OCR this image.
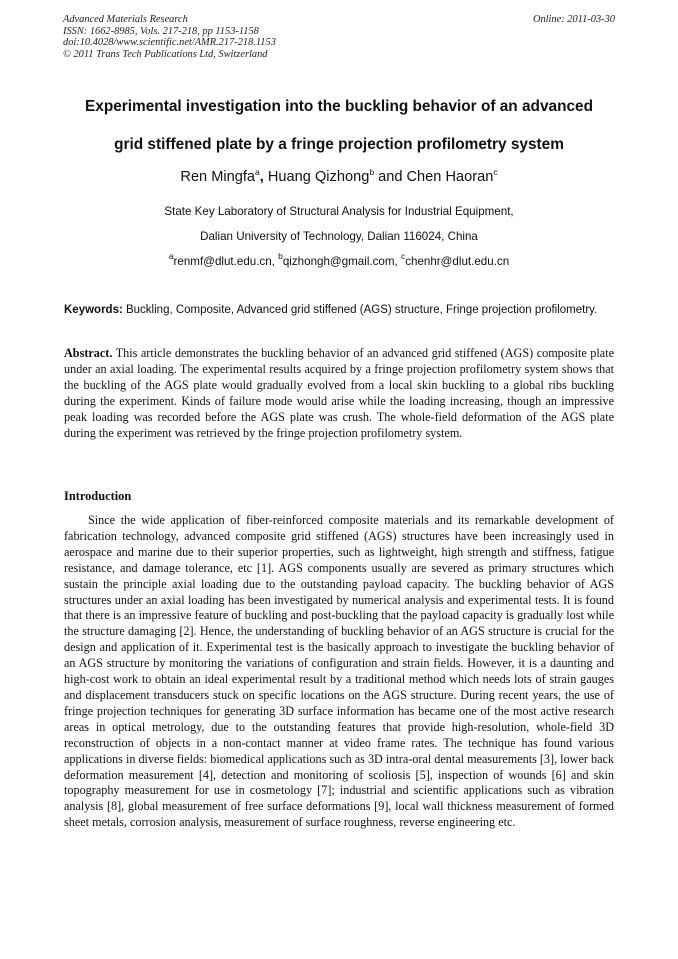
Advanced Materials Research
ISSN: 1662-8985, Vols. 217-218, pp 1153-1158
doi:10.4028/www.scientific.net/AMR.217-218.1153
© 2011 Trans Tech Publications Ltd, Switzerland
Online: 2011-03-30
Experimental investigation into the buckling behavior of an advanced
grid stiffened plate by a fringe projection profilometry system
Ren Mingfa$^a$, Huang Qizhong$^b$ and Chen Haoran$^c$
State Key Laboratory of Structural Analysis for Industrial Equipment,
Dalian University of Technology, Dalian 116024, China
$^a$renmf@dlut.edu.cn, $^b$qizhongh@gmail.com, $^c$chenhr@dlut.edu.cn
Keywords: Buckling, Composite, Advanced grid stiffened (AGS) structure, Fringe projection profilometry.
Abstract. This article demonstrates the buckling behavior of an advanced grid stiffened (AGS) composite plate under an axial loading. The experimental results acquired by a fringe projection profilometry system shows that the buckling of the AGS plate would gradually evolved from a local skin buckling to a global ribs buckling during the experiment. Kinds of failure mode would arise while the loading increasing, though an impressive peak loading was recorded before the AGS plate was crush. The whole-field deformation of the AGS plate during the experiment was retrieved by the fringe projection profilometry system.
Introduction
Since the wide application of fiber-reinforced composite materials and its remarkable development of fabrication technology, advanced composite grid stiffened (AGS) structures have been increasingly used in aerospace and marine due to their superior properties, such as lightweight, high strength and stiffness, fatigue resistance, and damage tolerance, etc [1]. AGS components usually are severed as primary structures which sustain the principle axial loading due to the outstanding payload capacity. The buckling behavior of AGS structures under an axial loading has been investigated by numerical analysis and experimental tests. It is found that there is an impressive feature of buckling and post-buckling that the payload capacity is gradually lost while the structure damaging [2]. Hence, the understanding of buckling behavior of an AGS structure is crucial for the design and application of it. Experimental test is the basically approach to investigate the buckling behavior of an AGS structure by monitoring the variations of configuration and strain fields. However, it is a daunting and high-cost work to obtain an ideal experimental result by a traditional method which needs lots of strain gauges and displacement transducers stuck on specific locations on the AGS structure. During recent years, the use of fringe projection techniques for generating 3D surface information has became one of the most active research areas in optical metrology, due to the outstanding features that provide high-resolution, whole-field 3D reconstruction of objects in a non-contact manner at video frame rates. The technique has found various applications in diverse fields: biomedical applications such as 3D intra-oral dental measurements [3], lower back deformation measurement [4], detection and monitoring of scoliosis [5], inspection of wounds [6] and skin topography measurement for use in cosmetology [7]; industrial and scientific applications such as vibration analysis [8], global measurement of free surface deformations [9], local wall thickness measurement of formed sheet metals, corrosion analysis, measurement of surface roughness, reverse engineering etc.
